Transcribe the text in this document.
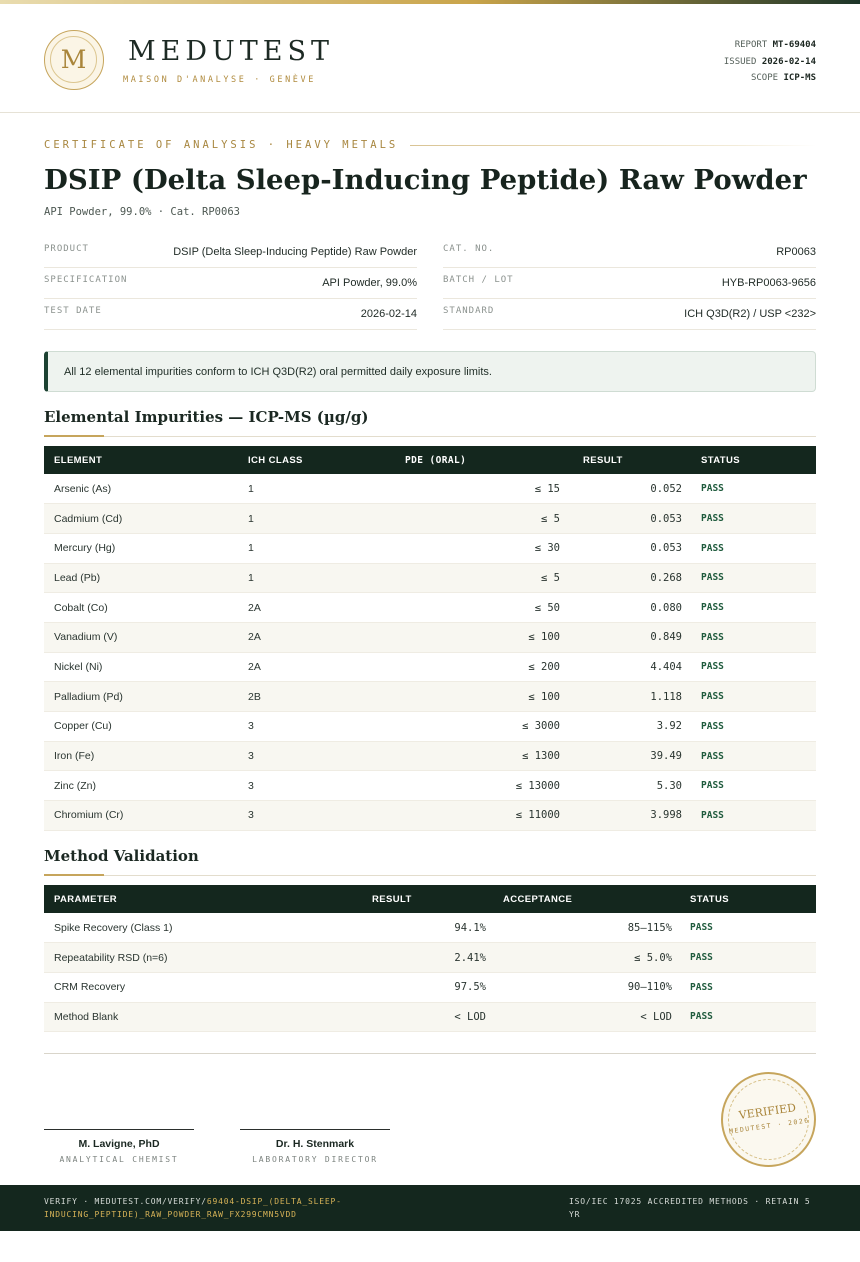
M	MEDUTEST
MAISON D'ANALYSE · GENÈVE
REPORT MT-69404
ISSUED 2026-02-14
SCOPE ICP-MS
CERTIFICATE OF ANALYSIS · HEAVY METALS
DSIP (Delta Sleep-Inducing Peptide) Raw Powder
API Powder, 99.0% · Cat. RP0063
PRODUCT	DSIP (Delta Sleep-Inducing Peptide) Raw Powder
SPECIFICATION	API Powder, 99.0%
TEST DATE	2026-02-14
CAT. NO.	RP0063
BATCH / LOT	HYB-RP0063-9656
STANDARD	ICH Q3D(R2) / USP <232>
All 12 elemental impurities conform to ICH Q3D(R2) oral permitted daily exposure limits.
Elemental Impurities — ICP-MS (µg/g)
ELEMENT	ICH CLASS	PDE (ORAL)	RESULT	STATUS
Arsenic (As)	1	≤ 15	0.052	PASS
Cadmium (Cd)	1	≤ 5	0.053	PASS
Mercury (Hg)	1	≤ 30	0.053	PASS
Lead (Pb)	1	≤ 5	0.268	PASS
Cobalt (Co)	2A	≤ 50	0.080	PASS
Vanadium (V)	2A	≤ 100	0.849	PASS
Nickel (Ni)	2A	≤ 200	4.404	PASS
Palladium (Pd)	2B	≤ 100	1.118	PASS
Copper (Cu)	3	≤ 3000	3.92	PASS
Iron (Fe)	3	≤ 1300	39.49	PASS
Zinc (Zn)	3	≤ 13000	5.30	PASS
Chromium (Cr)	3	≤ 11000	3.998	PASS
Method Validation
PARAMETER	RESULT	ACCEPTANCE	STATUS
Spike Recovery (Class 1)	94.1%	85–115%	PASS
Repeatability RSD (n=6)	2.41%	≤ 5.0%	PASS
CRM Recovery	97.5%	90–110%	PASS
Method Blank	< LOD	< LOD	PASS
M. Lavigne, PhD
ANALYTICAL CHEMIST
Dr. H. Stenmark
LABORATORY DIRECTOR
VERIFIED
MEDUTEST · 2026
VERIFY · MEDUTEST.COM/VERIFY/69404-DSIP_(DELTA_SLEEP-INDUCING_PEPTIDE)_RAW_POWDER_RAW_FX299CMN5VDD
ISO/IEC 17025 ACCREDITED METHODS · RETAIN 5 YR
